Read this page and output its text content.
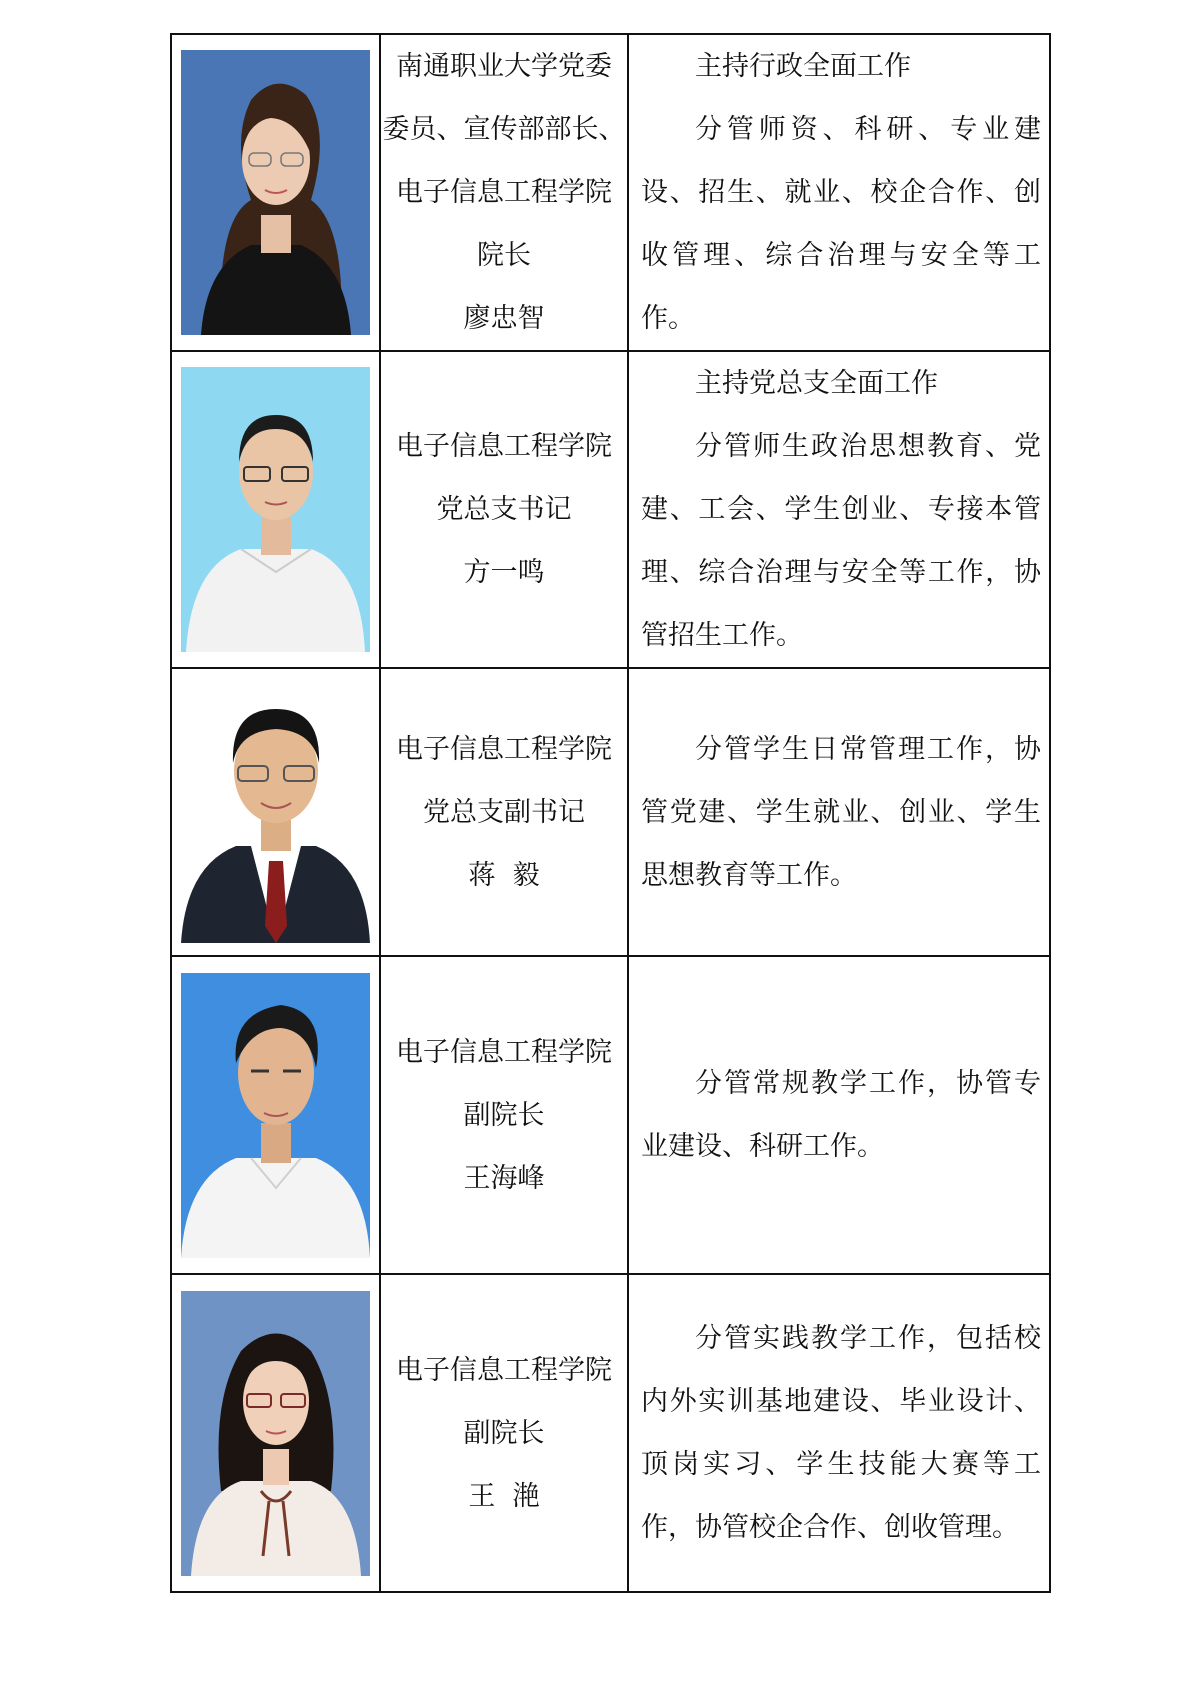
南通职业大学党委
委员、宣传部部长、
电子信息工程学院
院长
廖忠智	主持行政全面工作
分管师资、科研、专业建设、招生、就业、校企合作、创收管理、综合治理与安全等工作。

电子信息工程学院
党总支书记
方一鸣	主持党总支全面工作
分管师生政治思想教育、党建、工会、学生创业、专接本管理、综合治理与安全等工作，协管招生工作。

电子信息工程学院
党总支副书记
蒋  毅	分管学生日常管理工作，协管党建、学生就业、创业、学生思想教育等工作。

电子信息工程学院
副院长
王海峰	分管常规教学工作，协管专业建设、科研工作。

电子信息工程学院
副院长
王  滟	分管实践教学工作，包括校内外实训基地建设、毕业设计、顶岗实习、学生技能大赛等工作，协管校企合作、创收管理。
